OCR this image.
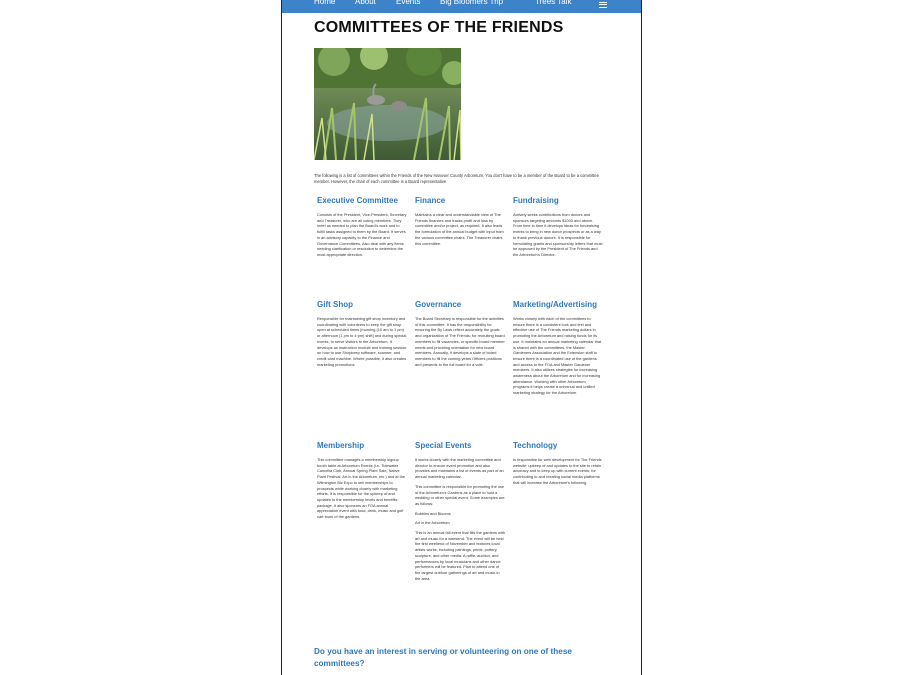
Home About	Events Big Bloomers Trip	Trees Talk
COMMITTEES OF THE FRIENDS
The following is a list of committees within the Friends of the New Hanover County Arboretum. You don't have to be a member of the Board to be a committee member. However, the chair of each committee is a Board representative.
Executive Committee

Consists of the President, Vice-President, Secretary and Treasurer, who are all voting members. They meet as needed to plan the Board's work and to fulfill tasks assigned to them by the Board. It serves in an advisory capacity to the Finance and Governance Committees. Also deal with any items needing clarification or resolution to determine the most appropriate direction.

Finance

Maintains a clear and understandable view of The Friends finances and tracks profit and loss by committee and/or project, as required. It also leads the formulation of the annual budget with input from the various committee chairs. The Treasurer chairs this committee.

Fundraising

Actively seeks contributions from donors and sponsors targeting amounts $1000 and above. From time to time it develops ideas for fundraising events to bring in new donor prospects or as a way to thank previous donors. It is responsible for formulating grants and sponsorship letters that must be approved by the President of The Friends and the Arboretum's Director.

Gift Shop

Responsible for maintaining gift shop inventory and coordinating with volunteers to keep the gift shop open at scheduled times [morning (10 am to 1 pm) or afternoon (1 pm to 4 pm) shift] and during special events, to serve visitors to the Arboretum. It develops an instruction module and training session on how to use Shopkeep software, scanner, and credit card machine. Where possible, it also creates marketing promotions.

Governance

The Board Secretary is responsible for the activities of this committee. It has the responsibility for ensuring the By Laws reflect accurately the goals and organization of The Friends; for recruiting board members to fill vacancies, or specific board member needs and providing orientation for new board members. Annually, it develops a slate of board members to fill the coming years Officers positions and presents to the full board for a vote.

Marketing/Advertising

Works closely with each of the committees to ensure there is a consistent look and feel and effective use of The Friends marketing dollars in promoting the Arboretum and raising funds for its use. It maintains an annual marketing calendar that is shared with the committees, the Master Gardeners Association and the Extension staff to ensure there is a coordinated use of the gardens and access to the FOA and Master Gardener members. It also utilizes strategies for increasing awareness about the Arboretum and for increasing attendance. Working with other Arboretum programs it helps create a universal and unified marketing strategy for the Arboretum.

Membership

This committee manages a membership signup booth table at Arboretum Events (i.e. Tidewater Camellia Club, Annual Spring Plant Sale, Native Plant Festival, Art in the Arboretum, etc.) and at the Wilmington Biz Expo to sell memberships to prospects while working closely with marketing efforts. It is responsible for the upkeep of and updates to the membership levels and benefits package. It also sponsors an FOA annual appreciation event with food, drink, music and golf cart tours of the gardens.

Special Events

It works closely with the marketing committee and director to ensure event promotion and also provides and maintains a list of events as part of an annual marketing calendar.

This committee is responsible for promoting the use of the Arboretum's Gardens as a place to hold a wedding or other special event. Some examples are as follows:

Bubbles and Blooms

Art in the Arboretum

This is an annual fall event that fills the gardens with art and music for a weekend. The event will be held the first weekend of November and features local artists works, including paintings, prints, pottery, sculpture, and other media. A raffle, auction, and performances by local musicians and other dance performers will be featured. Plan to attend one of the largest outdoor gatherings of art and music in the area.

Technology

Is responsible for web development for The Friends website; upkeep of and updates to the site to retain accuracy and to keep up with current events; for contributing to and creating social media platforms that will increase the Arboretum's following.

Do you have an interest in serving or volunteering on one of these committees?
